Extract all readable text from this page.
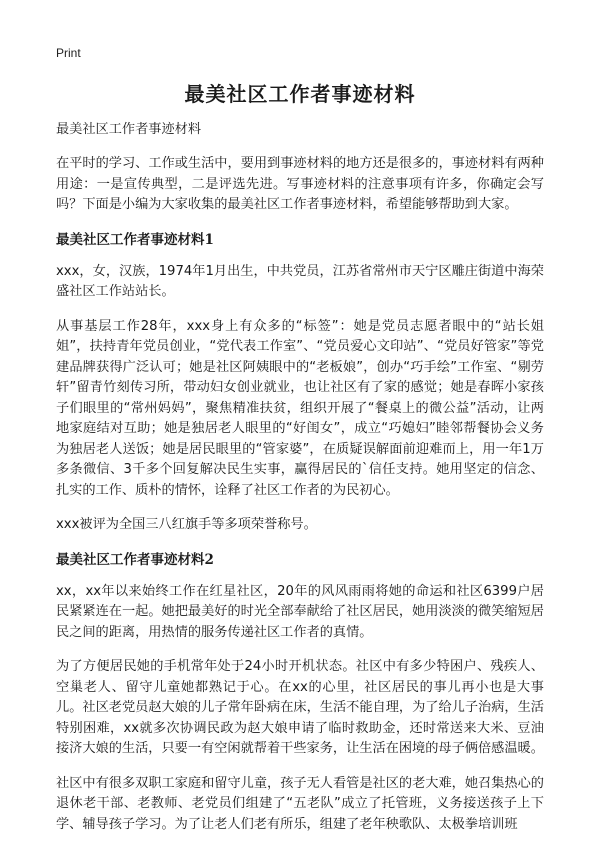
Print
最美社区工作者事迹材料
最美社区工作者事迹材料

在平时的学习、工作或生活中，要用到事迹材料的地方还是很多的，事迹材料有两种用途：一是宣传典型，二是评选先进。写事迹材料的注意事项有许多，你确定会写吗？下面是小编为大家收集的最美社区工作者事迹材料，希望能够帮助到大家。

最美社区工作者事迹材料1

xxx，女，汉族，1974年1月出生，中共党员，江苏省常州市天宁区雕庄街道中海荣盛社区工作站站长。

从事基层工作28年，xxx身上有众多的“标签”：她是党员志愿者眼中的“站长姐姐”，扶持青年党员创业，“党代表工作室”、“党员爱心文印站”、“党员好管家”等党建品牌获得广泛认可；她是社区阿姨眼中的“老板娘”，创办“巧手绘”工作室、“剔劳轩”留青竹刻传习所，带动妇女创业就业，也让社区有了家的感觉；她是春晖小家孩子们眼里的“常州妈妈”，聚焦精准扶贫，组织开展了“餐桌上的微公益”活动，让两地家庭结对互助；她是独居老人眼里的“好闺女”，成立“巧媳妇”睦邻帮餐协会义务为独居老人送饭；她是居民眼里的“管家婆”，在质疑误解面前迎难而上，用一年1万多条微信、3千多个回复解决民生实事，赢得居民的`信任支持。她用坚定的信念、扎实的工作、质朴的情怀，诠释了社区工作者的为民初心。

xxx被评为全国三八红旗手等多项荣誉称号。

最美社区工作者事迹材料2

xx，xx年以来始终工作在红星社区，20年的风风雨雨将她的命运和社区6399户居民紧紧连在一起。她把最美好的时光全部奉献给了社区居民，她用淡淡的微笑缩短居民之间的距离，用热情的服务传递社区工作者的真情。

为了方便居民她的手机常年处于24小时开机状态。社区中有多少特困户、残疾人、空巢老人、留守儿童她都熟记于心。在xx的心里，社区居民的事儿再小也是大事儿。社区老党员赵大娘的儿子常年卧病在床，生活不能自理，为了给儿子治病，生活特别困难，xx就多次协调民政为赵大娘申请了临时救助金，还时常送来大米、豆油接济大娘的生活，只要一有空闲就帮着干些家务，让生活在困境的母子俩倍感温暖。

社区中有很多双职工家庭和留守儿童，孩子无人看管是社区的老大难，她召集热心的退休老干部、老教师、老党员们组建了“五老队”成立了托管班，义务接送孩子上下学、辅导孩子学习。为了让老人们老有所乐，组建了老年秧歌队、太极拳培训班
